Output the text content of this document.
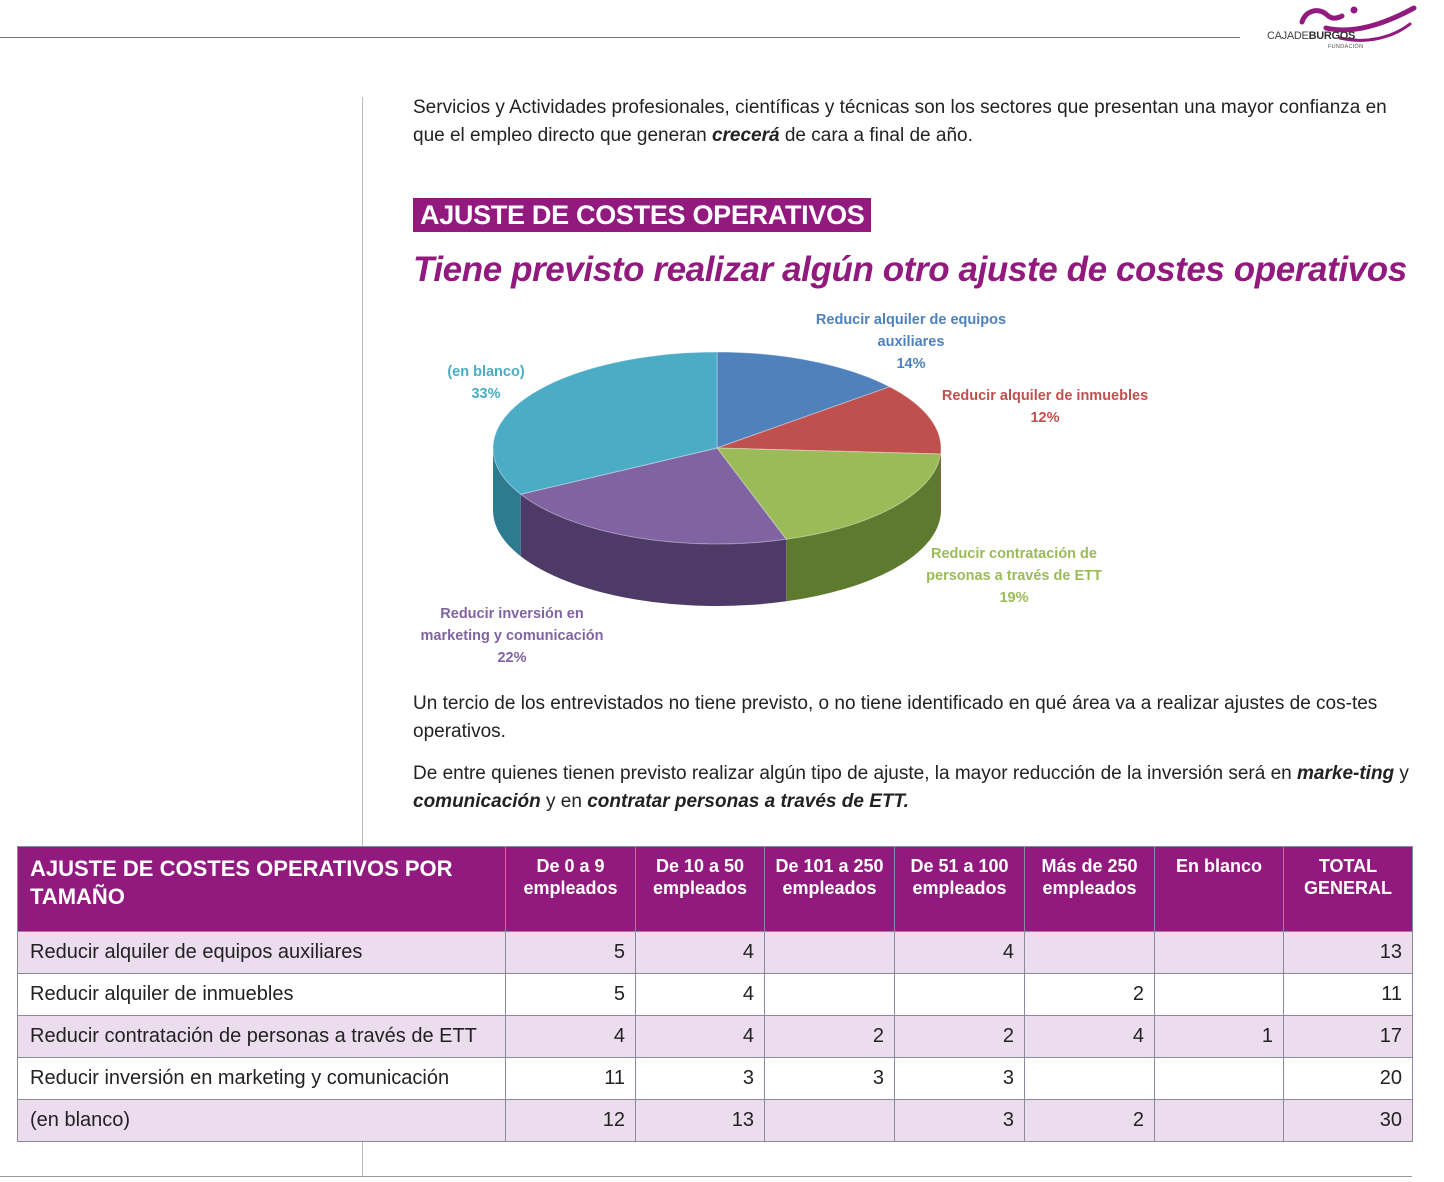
CAJADEBURGOS
FUNDACIÓN

Servicios y Actividades profesionales, científicas y técnicas son los sectores que presentan una mayor confianza en que el empleo directo que generan crecerá de cara a final de año.

AJUSTE DE COSTES OPERATIVOS
Tiene previsto realizar algún otro ajuste de costes operativos
Reducir alquiler de equipos
auxiliares
14%
Reducir alquiler de inmuebles
12%
Reducir contratación de
personas a través de ETT
19%
Reducir inversión en
marketing y comunicación
22%
(en blanco)
33%

Un tercio de los entrevistados no tiene previsto, o no tiene identificado en qué área va a realizar ajustes de cos-tes operativos.

De entre quienes tienen previsto realizar algún tipo de ajuste, la mayor reducción de la inversión será en marke-ting y comunicación y en contratar personas a través de ETT.

AJUSTE DE COSTES OPERATIVOS POR TAMAÑO	De 0 a 9 empleados	De 10 a 50 empleados	De 101 a 250 empleados	De 51 a 100 empleados	Más de 250 empleados	En blanco	TOTAL GENERAL
Reducir alquiler de equipos auxiliares	5	4		4			13
Reducir alquiler de inmuebles	5	4			2		11
Reducir contratación de personas a través de ETT	4	4	2	2	4	1	17
Reducir inversión en marketing y comunicación	11	3	3	3			20
(en blanco)	12	13		3	2		30
